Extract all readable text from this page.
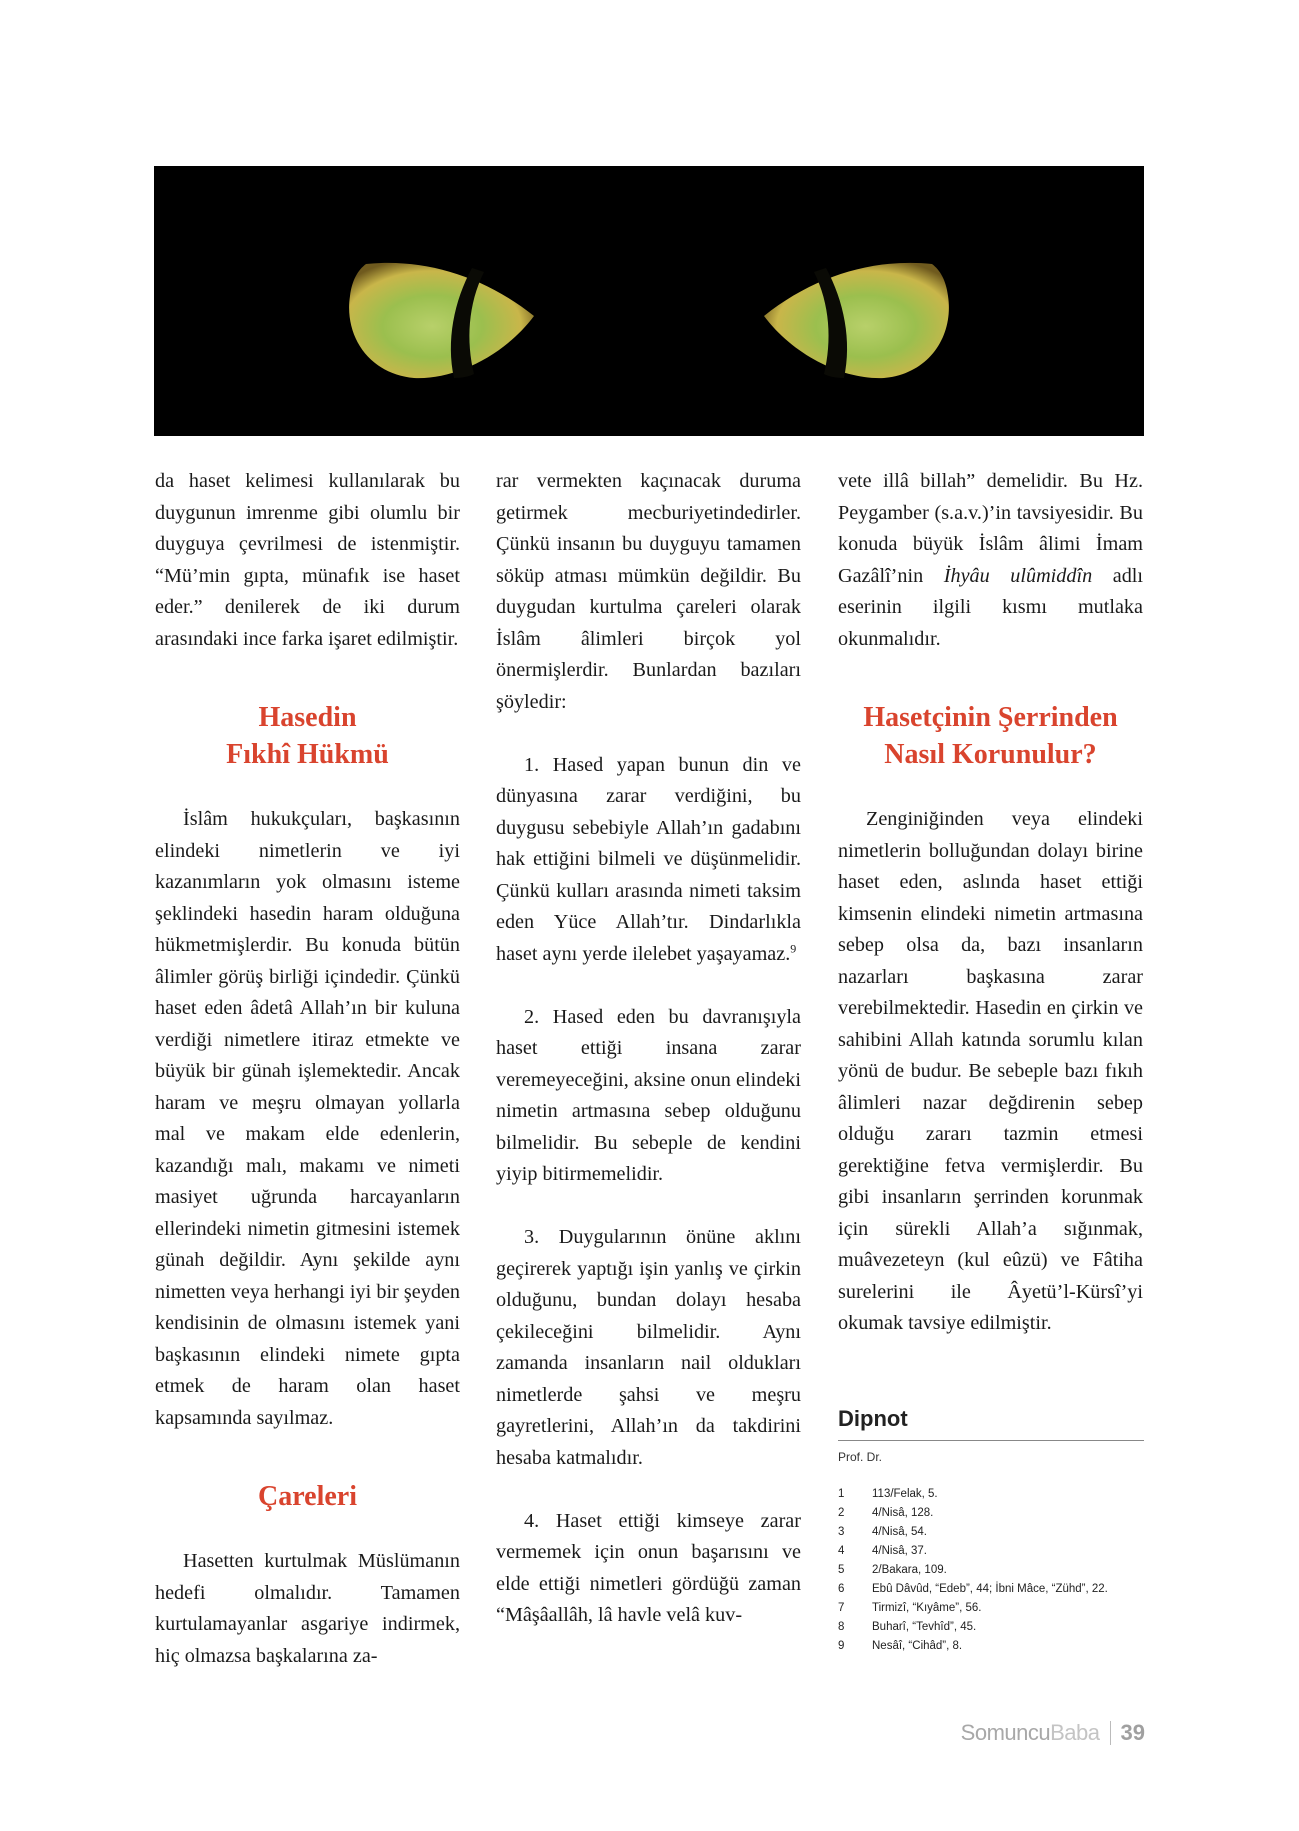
da haset kelimesi kullanılarak bu duygunun imrenme gibi olumlu bir duyguya çevrilmesi de istenmiştir. “Mü’min gıpta, münafık ise haset eder.” denilerek de iki durum arasındaki ince farka işaret edilmiştir.

Hasedin
Fıkhî Hükmü

İslâm hukukçuları, başkasının elindeki nimetlerin ve iyi kazanımların yok olmasını isteme şeklindeki hasedin haram olduğuna hükmetmişlerdir. Bu konuda bütün âlimler görüş birliği içindedir. Çünkü haset eden âdetâ Allah’ın bir kuluna verdiği nimetlere itiraz etmekte ve büyük bir günah işlemektedir. Ancak haram ve meşru olmayan yollarla mal ve makam elde edenlerin, kazandığı malı, makamı ve nimeti masiyet uğrunda harcayanların ellerindeki nimetin gitmesini istemek günah değildir. Aynı şekilde aynı nimetten veya herhangi iyi bir şeyden kendisinin de olmasını istemek yani başkasının elindeki nimete gıpta etmek de haram olan haset kapsamında sayılmaz.

Çareleri

Hasetten kurtulmak Müslümanın hedefi olmalıdır. Tamamen kurtulamayanlar asgariye indirmek, hiç olmazsa başkalarına za-

rar vermekten kaçınacak duruma getirmek mecburiyetindedirler. Çünkü insanın bu duyguyu tamamen söküp atması mümkün değildir. Bu duygudan kurtulma çareleri olarak İslâm âlimleri birçok yol önermişlerdir. Bunlardan bazıları şöyledir:

1. Hased yapan bunun din ve dünyasına zarar verdiğini, bu duygusu sebebiyle Allah’ın gadabını hak ettiğini bilmeli ve düşünmelidir. Çünkü kulları arasında nimeti taksim eden Yüce Allah’tır. Dindarlıkla haset aynı yerde ilelebet yaşayamaz.$^9$

2. Hased eden bu davranışıyla haset ettiği insana zarar veremeyeceğini, aksine onun elindeki nimetin artmasına sebep olduğunu bilmelidir. Bu sebeple de kendini yiyip bitirmemelidir.

3. Duygularının önüne aklını geçirerek yaptığı işin yanlış ve çirkin olduğunu, bundan dolayı hesaba çekileceğini bilmelidir. Aynı zamanda insanların nail oldukları nimetlerde şahsi ve meşru gayretlerini, Allah’ın da takdirini hesaba katmalıdır.

4. Haset ettiği kimseye zarar vermemek için onun başarısını ve elde ettiği nimetleri gördüğü zaman “Mâşâallâh, lâ havle velâ kuv-

vete illâ billah” demelidir. Bu Hz. Peygamber (s.a.v.)’in tavsiyesidir. Bu konuda büyük İslâm âlimi İmam Gazâlî’nin İhyâu ulûmiddîn adlı eserinin ilgili kısmı mutlaka okunmalıdır.

Hasetçinin Şerrinden
Nasıl Korunulur?

Zenginiğinden veya elindeki nimetlerin bolluğundan dolayı birine haset eden, aslında haset ettiği kimsenin elindeki nimetin artmasına sebep olsa da, bazı insanların nazarları başkasına zarar verebilmektedir. Hasedin en çirkin ve sahibini Allah katında sorumlu kılan yönü de budur. Be sebeple bazı fıkıh âlimleri nazar değdirenin sebep olduğu zararı tazmin etmesi gerektiğine fetva vermişlerdir. Bu gibi insanların şerrinden korunmak için sürekli Allah’a sığınmak, muâvezeteyn (kul eûzü) ve Fâtiha surelerini ile Âyetü’l-Kürsî’yi okumak tavsiye edilmiştir.

Dipnot

Prof. Dr.

1	113/Felak, 5.
2	4/Nisâ, 128.
3	4/Nisâ, 54.
4	4/Nisâ, 37.
5	2/Bakara, 109.
6	Ebû Dâvûd, “Edeb”, 44; İbni Mâce, “Zühd”, 22.
7	Tirmizî, “Kıyâme”, 56.
8	Buharî, “Tevhîd”, 45.
9	Nesâî, “Cihâd”, 8.
Somuncu Baba 39
